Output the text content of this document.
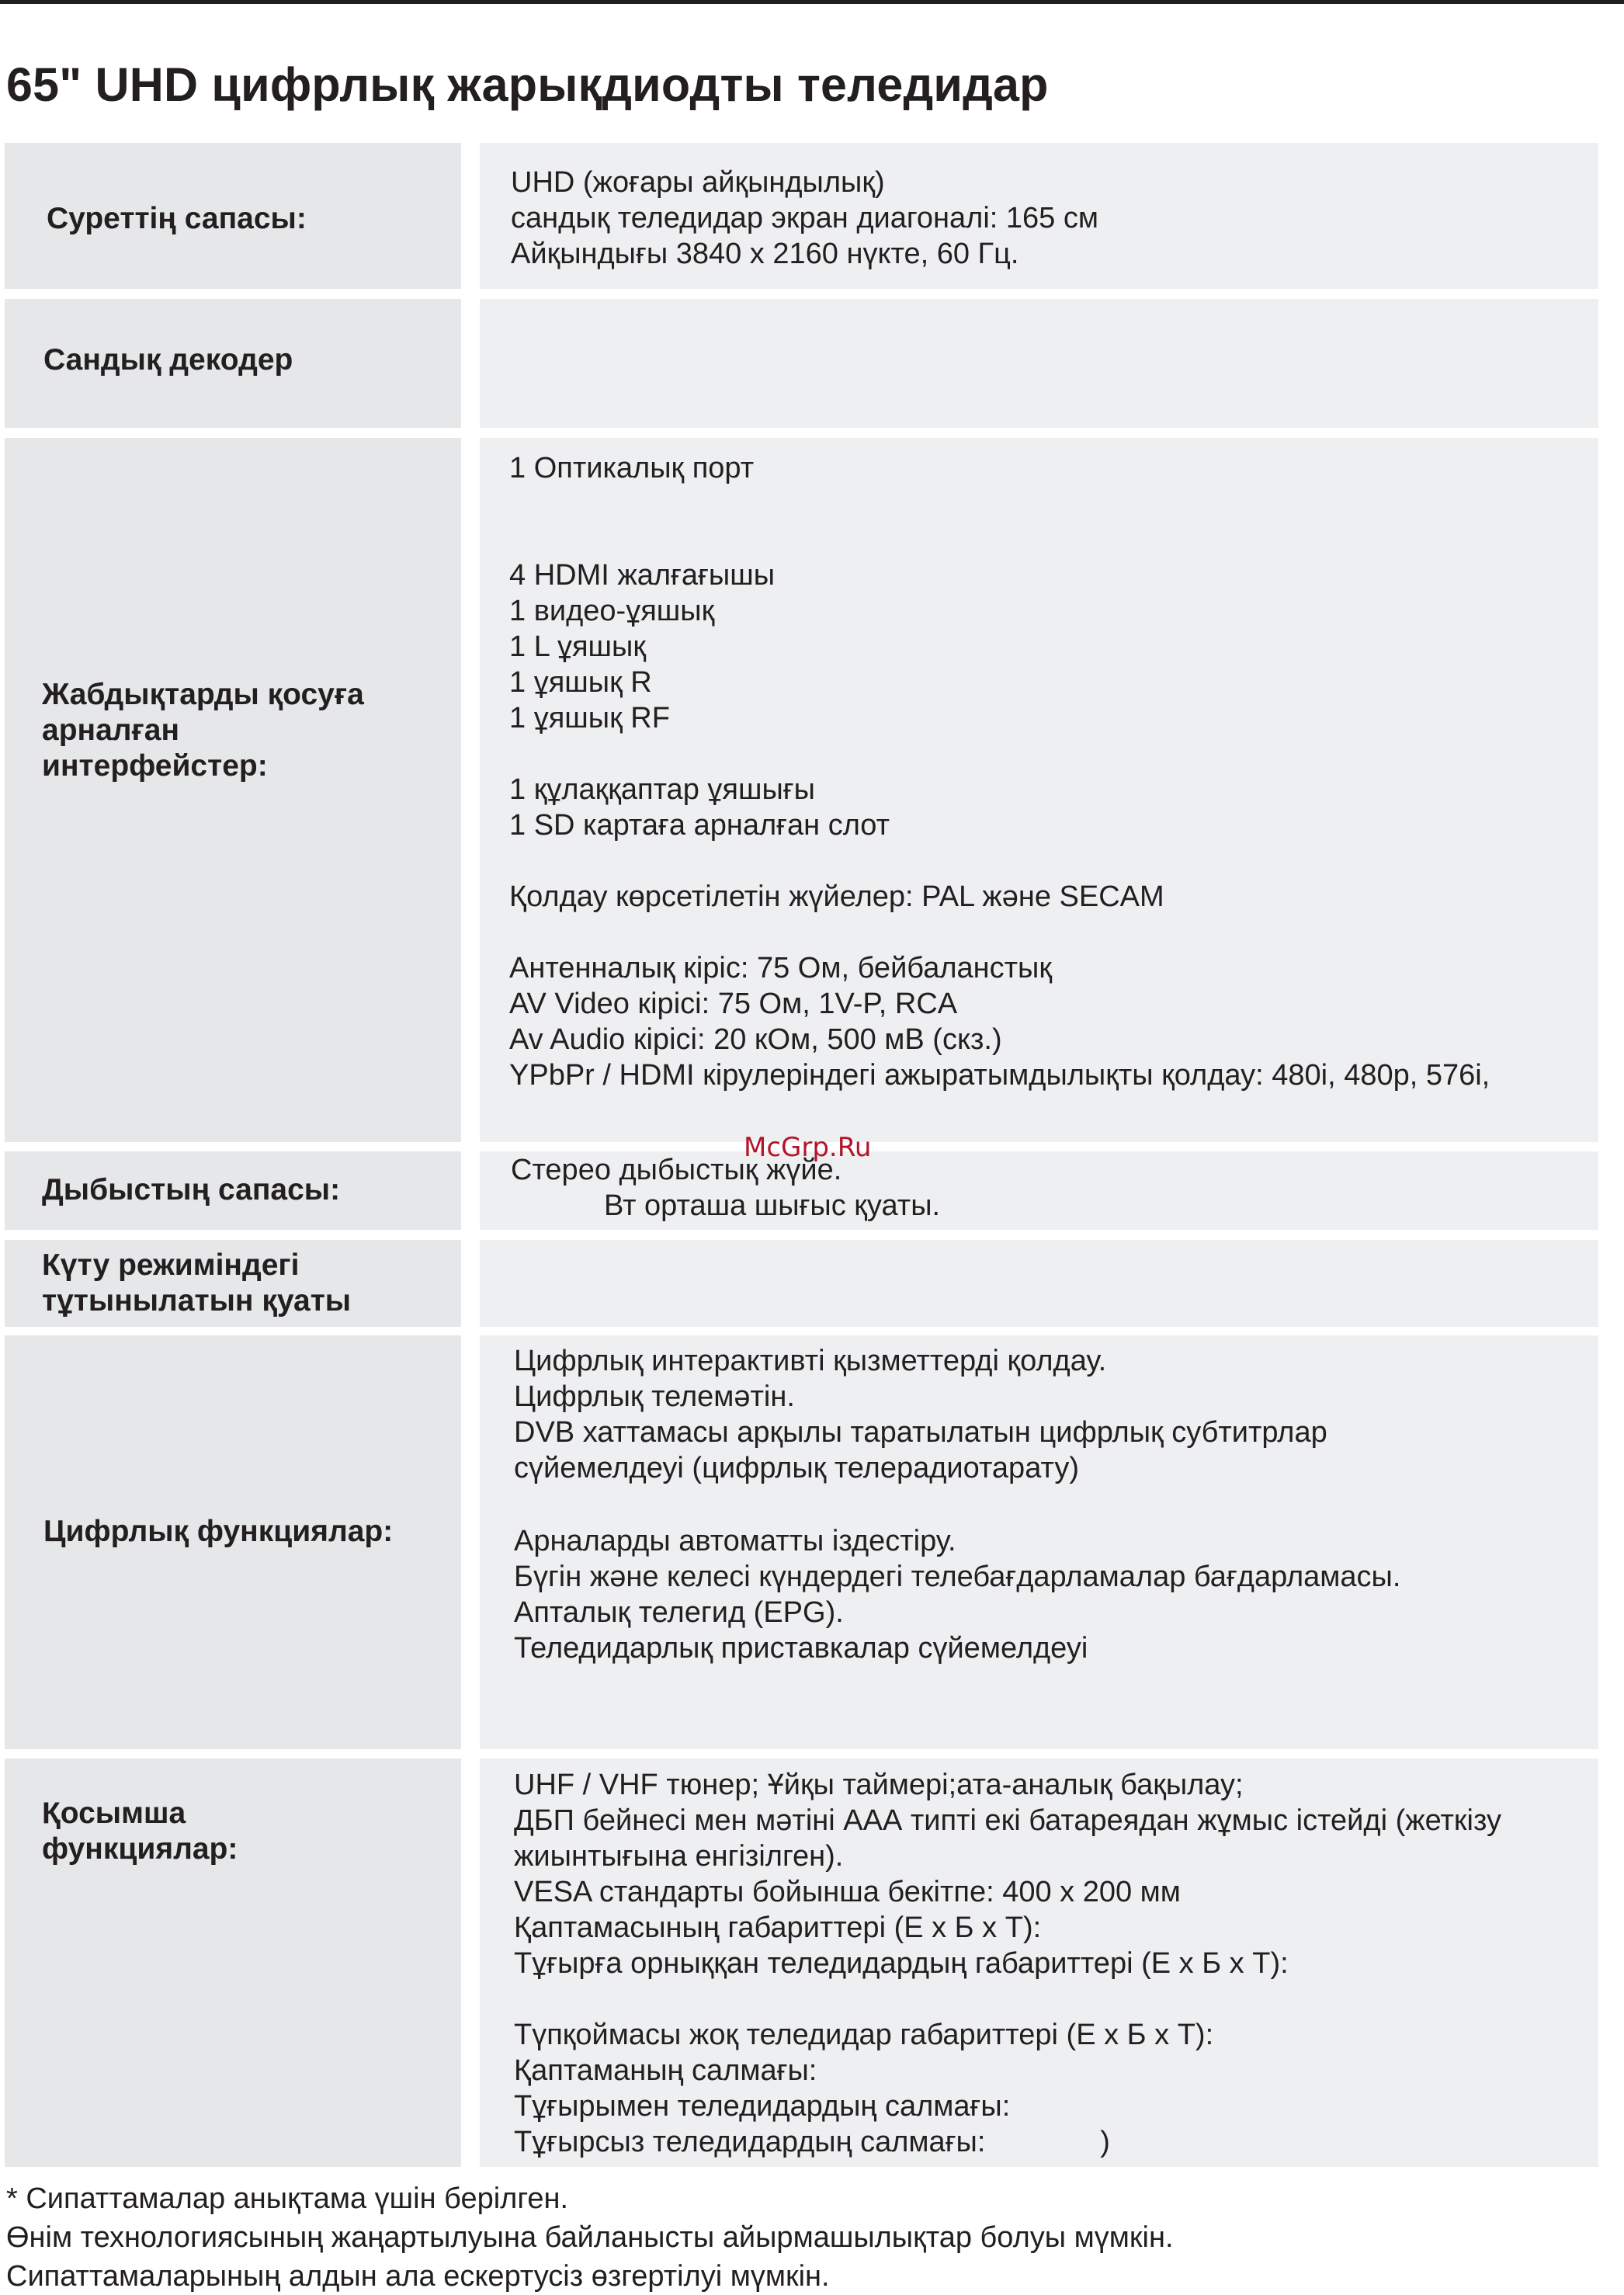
65" UHD цифрлық жарықдиодты теледидар
Суреттің сапасы:
UHD (жоғары айқындылық)
сандық теледидар экран диагоналі: 165 см
Айқындығы 3840 x 2160 нүкте, 60 Гц.
Сандық декодер
Жабдықтарды қосуға
арналған
интерфейстер:
1 Оптикалық порт
4 HDMI жалғағышы
1 видео-ұяшық
1 L ұяшық
1 ұяшық R
1 ұяшық RF
1 құлаққаптар ұяшығы
1 SD картаға арналған слот
Қолдау көрсетілетін жүйелер: PAL және SECAM
Антенналық кіріс: 75 Ом, бейбаланстық
AV Video кірісі: 75 Ом, 1V-P, RCA
Av Audio кірісі: 20 кОм, 500 мВ (скз.)
YPbPr / HDMI кірулеріндегі ажыратымдылықты қолдау: 480i, 480p, 576i,
Дыбыстың сапасы:
Стерео дыбыстық жүйе.
Вт орташа шығыс қуаты.
Күту режиміндегі
тұтынылатын қуаты
Цифрлық функциялар:
Цифрлық интерактивті қызметтерді қолдау.
Цифрлық телемәтін.
DVB хаттамасы арқылы таратылатын цифрлық субтитрлар
сүйемелдеуі (цифрлық телерадиотарату)
Арналарды автоматты іздестіру.
Бүгін және келесі күндердегі телебағдарламалар бағдарламасы.
Апталық телегид (EPG).
Теледидарлық приставкалар сүйемелдеуі
Қосымша
функциялар:
UHF / VHF тюнер; Ұйқы таймері;ата-аналық бақылау;
ДБП бейнесі мен мәтіні ААА типті екі батареядан жұмыс істейді (жеткізу
жиынтығына енгізілген).
VESA стандарты бойынша бекітпе: 400 х 200 мм
Қаптамасының габариттері (Е х Б х Т):
Тұғырға орныққан теледидардың габариттері (Е х Б х Т):
Түпқоймасы жоқ теледидар габариттері (Е х Б х Т):
Қаптаманың салмағы:
Тұғырымен теледидардың салмағы:
Тұғырсыз теледидардың салмағы:              )
McGrp.Ru
* Сипаттамалар анықтама үшін берілген.
Өнім технологиясының жаңартылуына байланысты айырмашылықтар болуы мүмкін.
Сипаттамаларының алдын ала ескертусіз өзгертілуі мүмкін.
